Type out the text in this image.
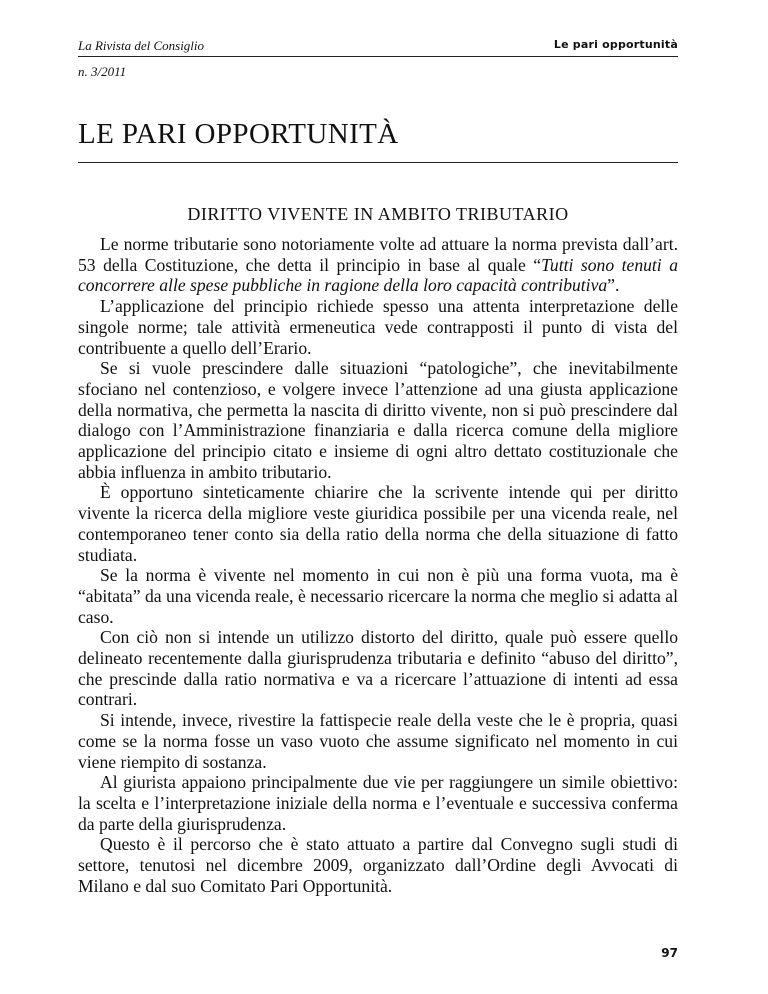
La Rivista del Consiglio	Le pari opportunità
n. 3/2011
LE PARI OPPORTUNITÀ
DIRITTO VIVENTE IN AMBITO TRIBUTARIO

Le norme tributarie sono notoriamente volte ad attuare la norma prevista dall’art. 53 della Costituzione, che detta il principio in base al quale “Tutti sono tenuti a concorrere alle spese pubbliche in ragione della loro capacità contributiva”.

L’applicazione del principio richiede spesso una attenta interpretazione delle singole norme; tale attività ermeneutica vede contrapposti il punto di vista del contribuente a quello dell’Erario.

Se si vuole prescindere dalle situazioni “patologiche”, che inevitabilmente sfociano nel contenzioso, e volgere invece l’attenzione ad una giusta applicazione della normativa, che permetta la nascita di diritto vivente, non si può prescindere dal dialogo con l’Amministrazione finanziaria e dalla ricerca comune della migliore applicazione del principio citato e insieme di ogni altro dettato costituzionale che abbia influenza in ambito tributario.

È opportuno sinteticamente chiarire che la scrivente intende qui per diritto vivente la ricerca della migliore veste giuridica possibile per una vicenda reale, nel contemporaneo tener conto sia della ratio della norma che della situazione di fatto studiata.

Se la norma è vivente nel momento in cui non è più una forma vuota, ma è “abitata” da una vicenda reale, è necessario ricercare la norma che meglio si adatta al caso.

Con ciò non si intende un utilizzo distorto del diritto, quale può essere quello delineato recentemente dalla giurisprudenza tributaria e definito “abuso del diritto”, che prescinde dalla ratio normativa e va a ricercare l’attuazione di intenti ad essa contrari.

Si intende, invece, rivestire la fattispecie reale della veste che le è propria, quasi come se la norma fosse un vaso vuoto che assume significato nel momento in cui viene riempito di sostanza.

Al giurista appaiono principalmente due vie per raggiungere un simile obiettivo: la scelta e l’interpretazione iniziale della norma e l’eventuale e successiva conferma da parte della giurisprudenza.

Questo è il percorso che è stato attuato a partire dal Convegno sugli studi di settore, tenutosi nel dicembre 2009, organizzato dall’Ordine degli Avvocati di Milano e dal suo Comitato Pari Opportunità.

97
